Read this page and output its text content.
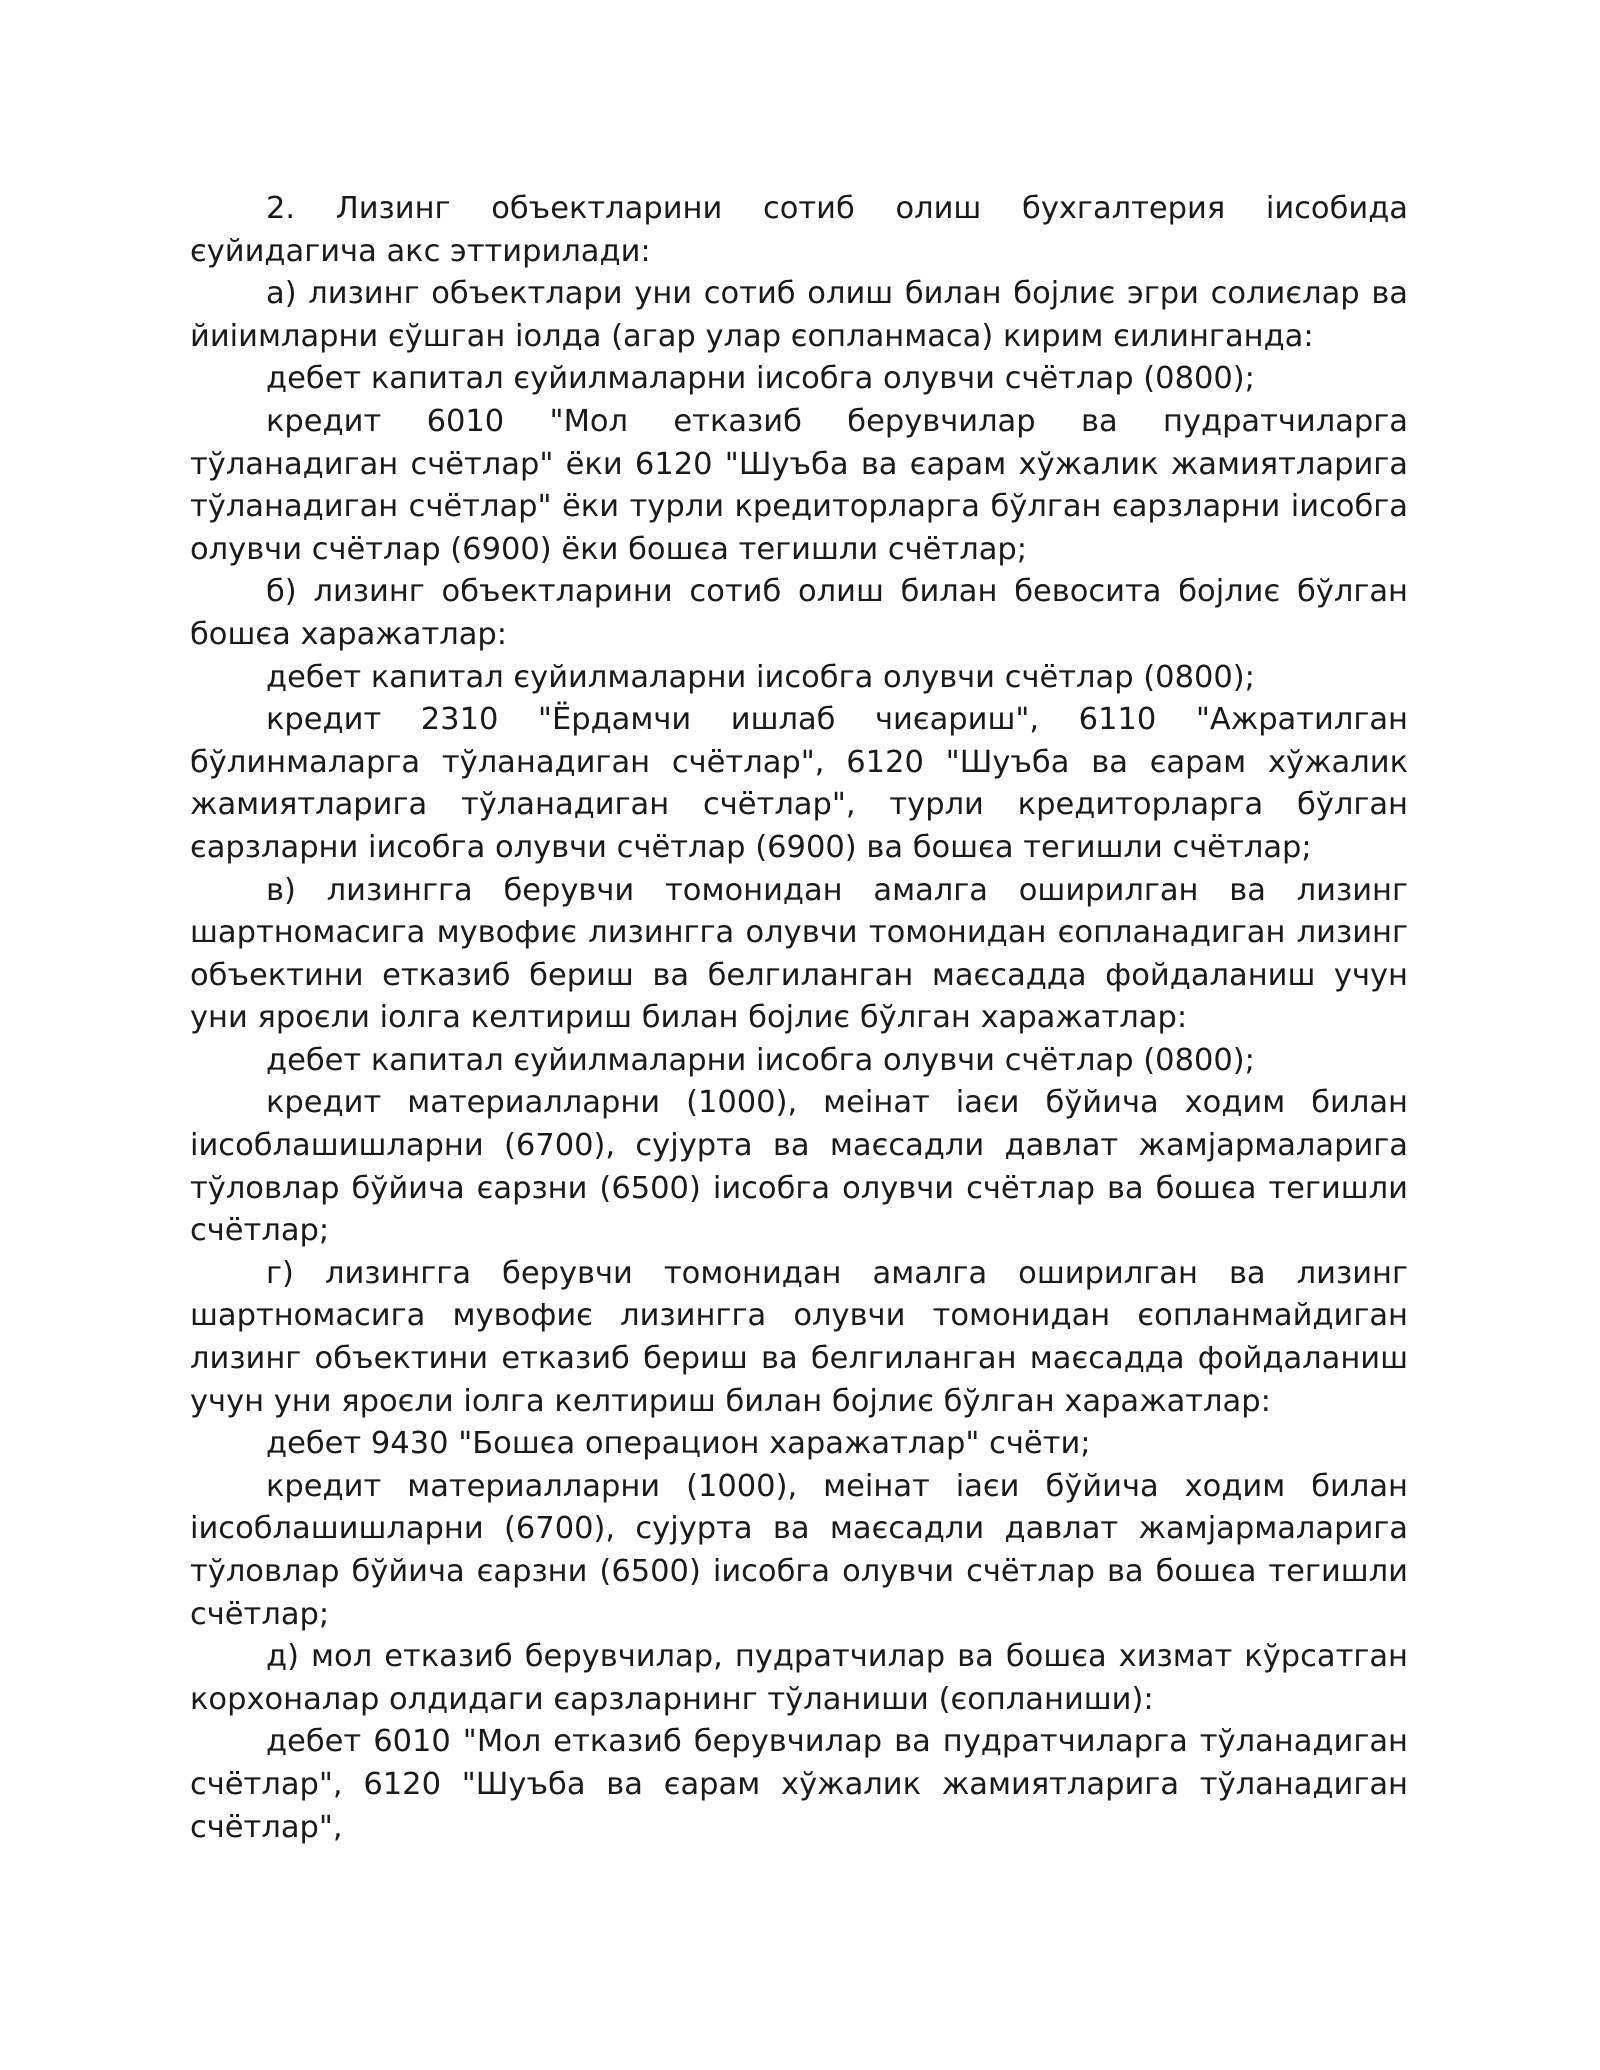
2. Лизинг объектларини сотиб олиш бухгалтерия іисобида єуйидагича акс эттирилади:

а) лизинг объектлари уни сотиб олиш билан бојлиє эгри солиєлар ва йиіимларни єўшган іолда (агар улар єопланмаса) кирим єилинганда:

дебет капитал єуйилмаларни іисобга олувчи счётлар (0800);

кредит 6010 "Мол етказиб берувчилар ва пудратчиларга тўланадиган счётлар" ёки 6120 "Шуъба ва єарам хўжалик жамиятларига тўланадиган счётлар" ёки турли кредиторларга бўлган єарзларни іисобга олувчи счётлар (6900) ёки бошєа тегишли счётлар;

б) лизинг объектларини сотиб олиш билан бевосита бојлиє бўлган бошєа харажатлар:

дебет капитал єуйилмаларни іисобга олувчи счётлар (0800);

кредит 2310 "Ёрдамчи ишлаб чиєариш", 6110 "Ажратилган бўлинмаларга тўланадиган счётлар", 6120 "Шуъба ва єарам хўжалик жамиятларига тўланадиган счётлар", турли кредиторларга бўлган єарзларни іисобга олувчи счётлар (6900) ва бошєа тегишли счётлар;

в) лизингга берувчи томонидан амалга оширилган ва лизинг шартномасига мувофиє лизингга олувчи томонидан єопланадиган лизинг объектини етказиб бериш ва белгиланган маєсадда фойдаланиш учун уни яроєли іолга келтириш билан бојлиє бўлган харажатлар:

дебет капитал єуйилмаларни іисобга олувчи счётлар (0800);

кредит материалларни (1000), меінат іаєи бўйича ходим билан іисоблашишларни (6700), сујурта ва маєсадли давлат жамјармаларига тўловлар бўйича єарзни (6500) іисобга олувчи счётлар ва бошєа тегишли счётлар;

г) лизингга берувчи томонидан амалга оширилган ва лизинг шартномасига мувофиє лизингга олувчи томонидан єопланмайдиган лизинг объектини етказиб бериш ва белгиланган маєсадда фойдаланиш учун уни яроєли іолга келтириш билан бојлиє бўлган харажатлар:

дебет 9430 "Бошєа операцион харажатлар" счёти;

кредит материалларни (1000), меінат іаєи бўйича ходим билан іисоблашишларни (6700), сујурта ва маєсадли давлат жамјармаларига тўловлар бўйича єарзни (6500) іисобга олувчи счётлар ва бошєа тегишли счётлар;

д) мол етказиб берувчилар, пудратчилар ва бошєа хизмат кўрсатган корхоналар олдидаги єарзларнинг тўланиши (єопланиши):

дебет 6010 "Мол етказиб берувчилар ва пудратчиларга тўланадиган счётлар", 6120 "Шуъба ва єарам хўжалик жамиятларига тўланадиган счётлар",
